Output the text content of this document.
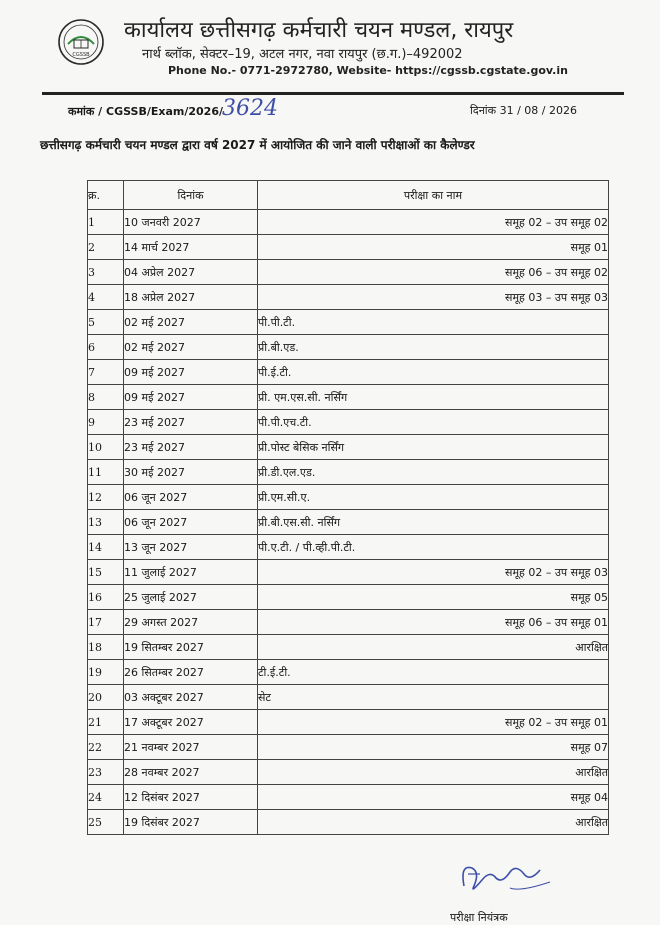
CGSSB
कार्यालय छत्तीसगढ़ कर्मचारी चयन मण्डल, रायपुर
नार्थ ब्लॉक, सेक्टर–19, अटल नगर, नवा रायपुर (छ.ग.)–492002
Phone No.- 0771-2972780, Website- https://cgssb.cgstate.gov.in
कमांक / CGSSB/Exam/2026/ 3624	दिनांक 31 / 08 / 2026
छत्तीसगढ़ कर्मचारी चयन मण्डल द्वारा वर्ष 2027 में आयोजित की जाने वाली परीक्षाओं का कैलेण्डर
क्र.	दिनांक	परीक्षा का नाम
1	10 जनवरी 2027	समूह 02 – उप समूह 02
2	14 मार्च 2027	समूह 01
3	04 अप्रेल 2027	समूह 06 – उप समूह 02
4	18 अप्रेल 2027	समूह 03 – उप समूह 03
5	02 मई 2027	पी.पी.टी.
6	02 मई 2027	प्री.बी.एड.
7	09 मई 2027	पी.ई.टी.
8	09 मई 2027	प्री. एम.एस.सी. नर्सिंग
9	23 मई 2027	पी.पी.एच.टी.
10	23 मई 2027	प्री.पोस्ट बेसिक नर्सिंग
11	30 मई 2027	प्री.डी.एल.एड.
12	06 जून 2027	प्री.एम.सी.ए.
13	06 जून 2027	प्री.बी.एस.सी. नर्सिंग
14	13 जून 2027	पी.ए.टी. / पी.व्ही.पी.टी.
15	11 जुलाई 2027	समूह 02 – उप समूह 03
16	25 जुलाई 2027	समूह 05
17	29 अगस्त 2027	समूह 06 – उप समूह 01
18	19 सितम्बर 2027	आरक्षित
19	26 सितम्बर 2027	टी.ई.टी.
20	03 अक्टूबर 2027	सेट
21	17 अक्टूबर 2027	समूह 02 – उप समूह 01
22	21 नवम्बर 2027	समूह 07
23	28 नवम्बर 2027	आरक्षित
24	12 दिसंबर 2027	समूह 04
25	19 दिसंबर 2027	आरक्षित
परीक्षा नियंत्रक
